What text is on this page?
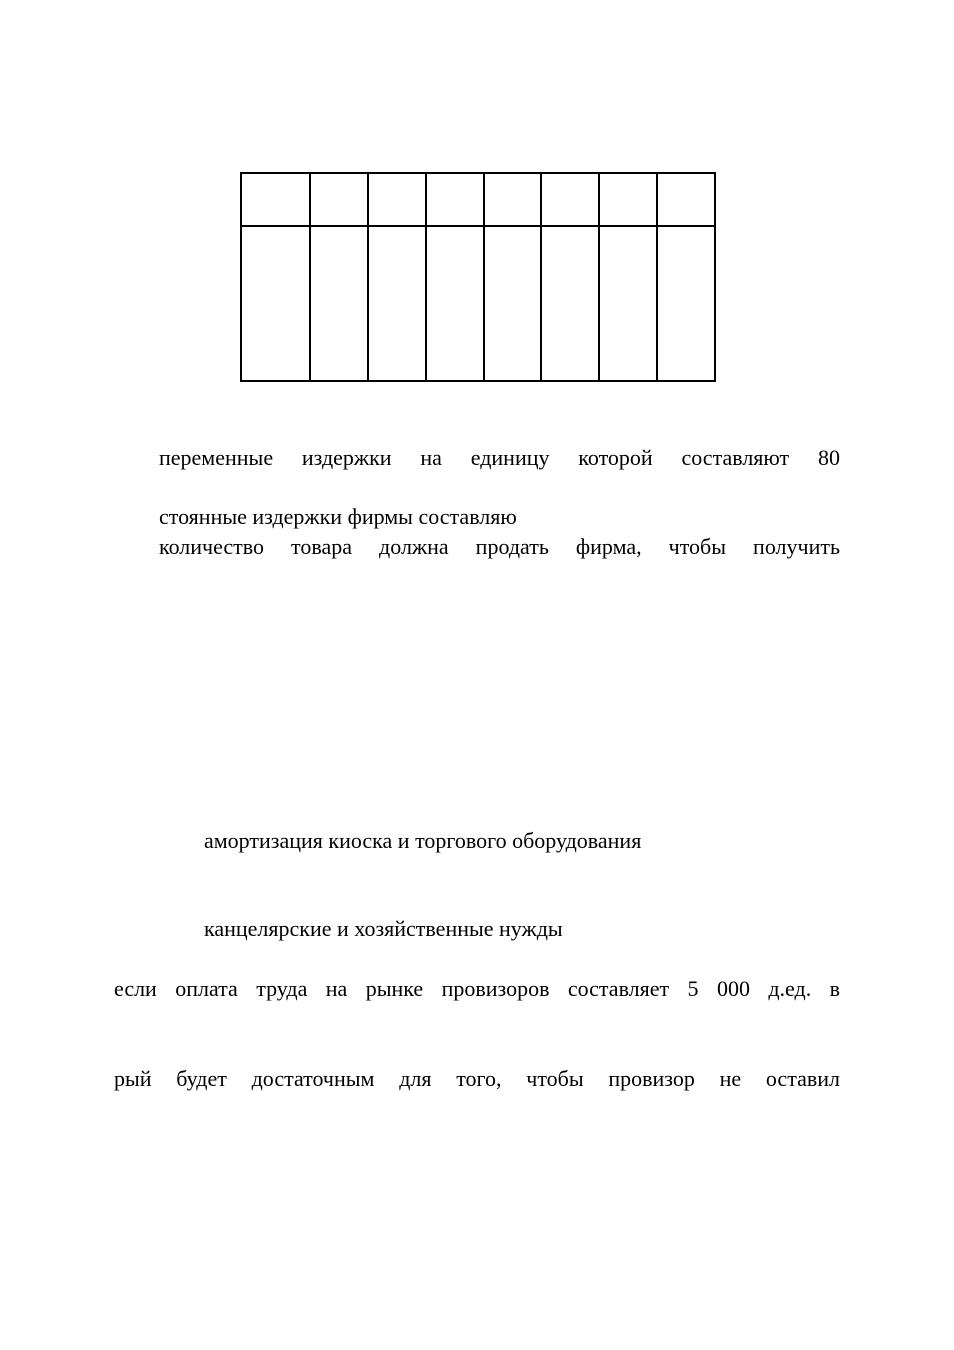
переменные издержки на единицу которой составляют 80

стоянные издержки фирмы составляю

количество товара должна продать фирма, чтобы получить

амортизация киоска и торгового оборудования

канцелярские и хозяйственные нужды

если оплата труда на рынке провизоров составляет 5 000 д.ед. в

рый будет достаточным для того, чтобы провизор не оставил
